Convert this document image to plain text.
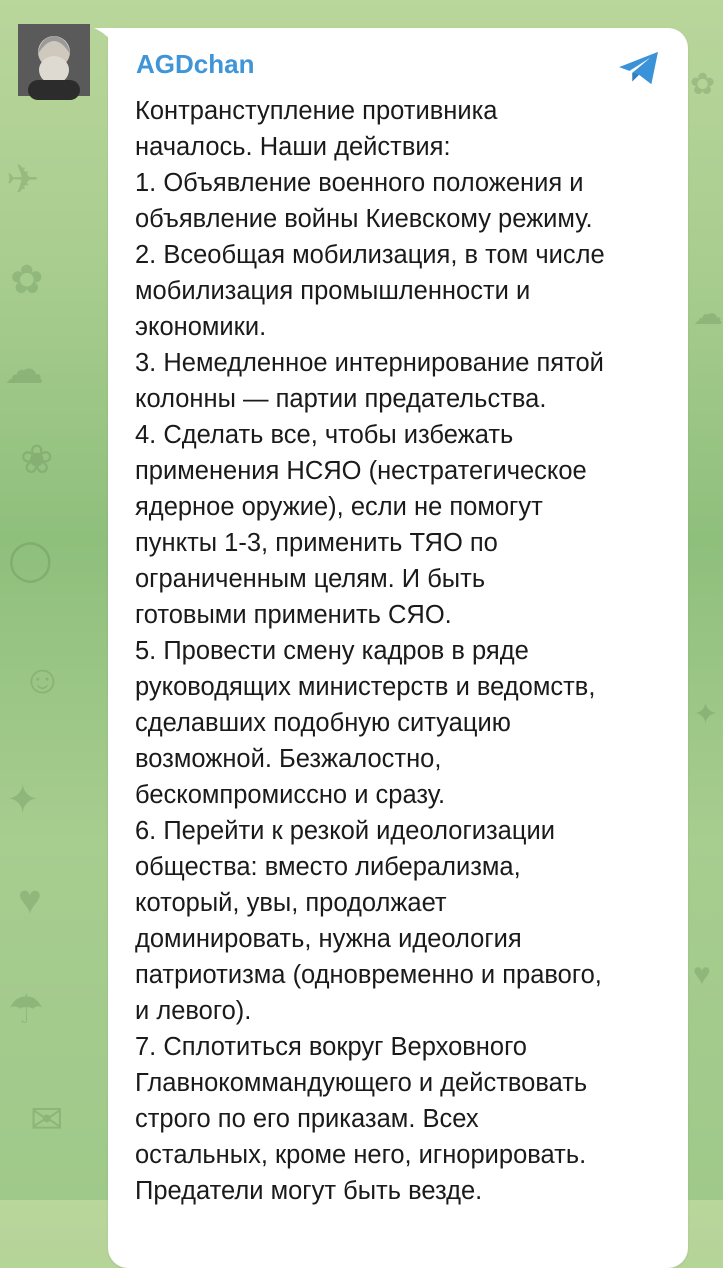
✈
✿
☁
❀
◯
☺
✦
♥
☂
✉
✿
☁
✦
♥
AGDchan
Контранступление противника
началось. Наши действия:
1. Объявление военного положения и
объявление войны Киевскому режиму.
2. Всеобщая мобилизация, в том числе
мобилизация промышленности и
экономики.
3. Немедленное интернирование пятой
колонны — партии предательства.
4. Сделать все, чтобы избежать
применения НСЯО (нестратегическое
ядерное оружие), если не помогут
пункты 1-3, применить ТЯО по
ограниченным целям. И быть
готовыми применить СЯО.
5. Провести смену кадров в ряде
руководящих министерств и ведомств,
сделавших подобную ситуацию
возможной. Безжалостно,
бескомпромиссно и сразу.
6. Перейти к резкой идеологизации
общества: вместо либерализма,
который, увы, продолжает
доминировать, нужна идеология
патриотизма (одновременно и правого,
и левого).
7. Сплотиться вокруг Верховного
Главнокоммандующего и действовать
строго по его приказам. Всех
остальных, кроме него, игнорировать.
Предатели могут быть везде.
